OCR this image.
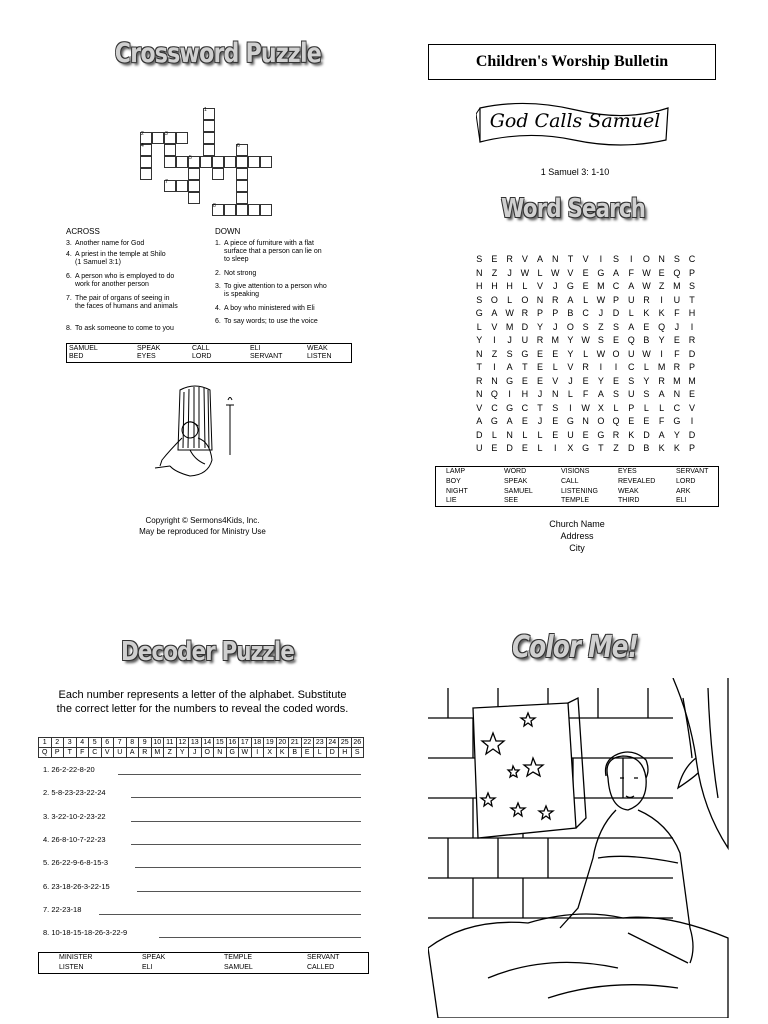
Crossword Puzzle
1
2	3
4
5
6
7
8
ACROSS	DOWN
3. Another name for God
4. A priest in the temple at Shilo
(1 Samuel 3:1)
6. A person who is employed to do
work for another person
7. The pair of organs of seeing in
the faces of humans and animals
8. To ask someone to come to you
1. A piece of furniture with a flat
surface that a person can lie on
to sleep
2. Not strong
3. To give attention to a person who
is speaking
4. A boy who ministered with Eli
6. To say words; to use the voice
SAMUEL	SPEAK	CALL	ELI	WEAK
BED	EYES	LORD	SERVANT	LISTEN
Copyright © Sermons4Kids, Inc.
May be reproduced for Ministry Use
Children's Worship Bulletin
God Calls Samuel
1 Samuel 3: 1-10
Word Search
S	E R V	A N	T	V	I	S	I	O N S C
N	Z	J W L W V	E G A	F W E Q P
H H H	L	V	J	G E M C A W Z M S
S O	L	O N R A	L W P U R	I	U	T
G A W R P	P	B C	J	D	L	K	K	F	H
L	V M D Y	J	O S	Z	S	A	E Q	J	I
Y	I	J	U R M Y W S	E Q B	Y	E R
N	Z	S G E	E	Y	L W O U W	I	F	D
T	I	A	T	E	L	V R	I	I	C	L M R P
R N G E	E	V	J	E	Y	E	S	Y R M M
N Q	I	H	J	N	L	F	A	S U S	A N E
V C G C	T	S	I	W X	L	P	L	L	C V
A G A	E	J	E G N O Q E	E	F G	I
D	L	N	L	L	E U E G R K D A	Y D
U E D E	L	I	X G T	Z	D B	K	K	P
LAMP	WORD	VISIONS	EYES	SERVANT
BOY	SPEAK	CALL	REVEALED	LORD
NIGHT	SAMUEL	LISTENING	WEAK	ARK
LIE	SEE	TEMPLE	THIRD	ELI
Church Name
Address
City
Decoder Puzzle
Each number represents a letter of the alphabet. Substitute
the correct letter for the numbers to reveal the coded words.
1	2	3	4	5	6	7	8	9	10	11	12	13	14	15	16	17	18	19	20	21	22	23	24	25	26
Q	P	T	F	C	V	U	A	R	M	Z	Y	J	O	N	G	W	I	X	K	B	E	L	D	H	S
1. 26-2-22-8-20
2. 5-8-23-23-22-24
3. 3-22-10-2-23-22
4. 26-8-10-7-22-23
5. 26-22-9-6-8-15-3
6. 23-18-26-3-22-15
7. 22-23-18
8. 10-18-15-18-26-3-22-9
MINISTER	SPEAK	TEMPLE	SERVANT
LISTEN	ELI	SAMUEL	CALLED
Color Me!
